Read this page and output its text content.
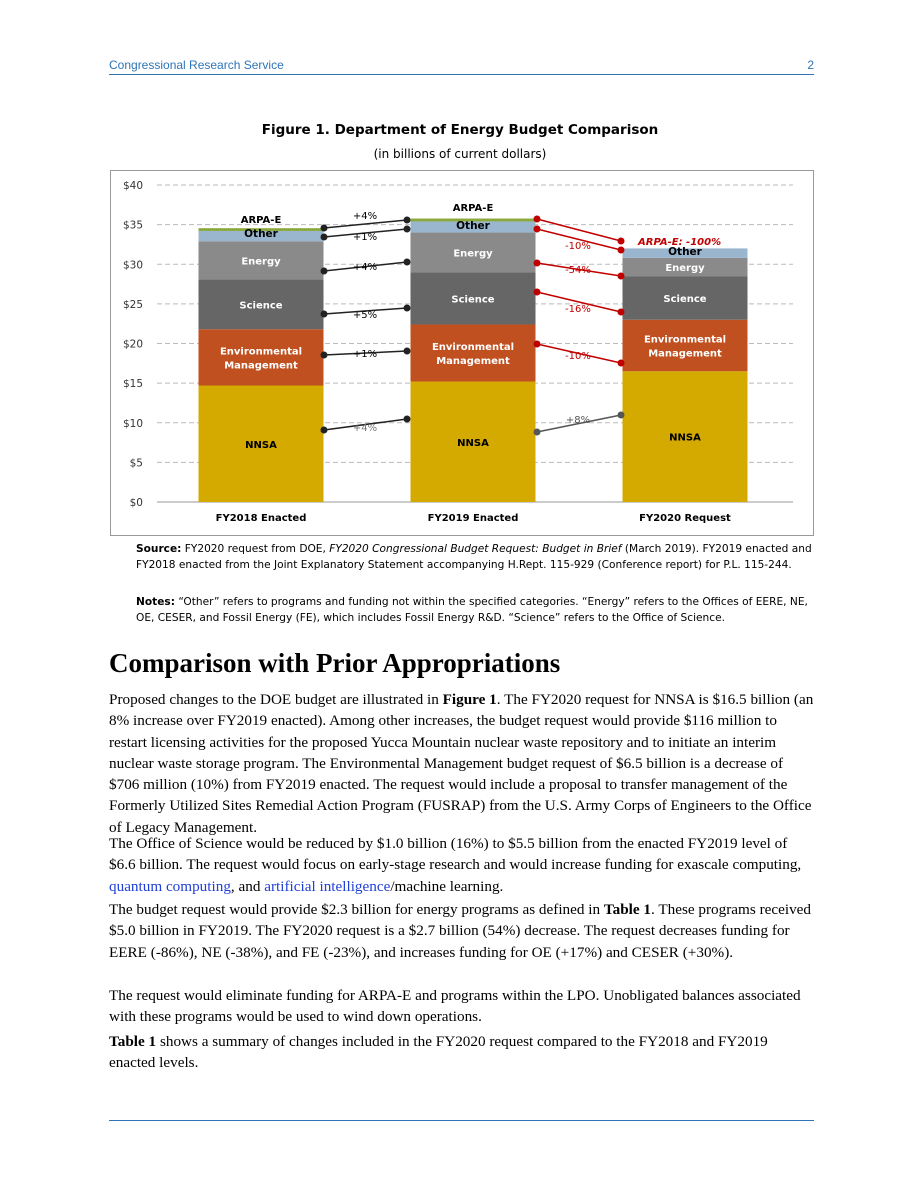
Congressional Research Service	2
Figure 1. Department of Energy Budget Comparison
(in billions of current dollars)
$0
$5
$10
$15
$20
$25
$30
$35
$40
NNSA
Environmental
Management
Science
Energy
FY2018 Enacted
NNSA
Environmental
Management
Science
Energy
FY2019 Enacted
NNSA
Environmental
Management
Science
Energy
FY2020 Request
Other
Other
Other
ARPA-E
ARPA-E
+4%
+1%
+4%
+5%
+1%
+4%
-10%
-54%
-16%
-10%
+8%
ARPA-E: -100%
Source: FY2020 request from DOE, FY2020 Congressional Budget Request: Budget in Brief (March 2019). FY2019 enacted and FY2018 enacted from the Joint Explanatory Statement accompanying H.Rept. 115-929 (Conference report) for P.L. 115-244.
Notes: “Other” refers to programs and funding not within the specified categories. “Energy” refers to the Offices of EERE, NE, OE, CESER, and Fossil Energy (FE), which includes Fossil Energy R&D. “Science” refers to the Office of Science.
Comparison with Prior Appropriations

Proposed changes to the DOE budget are illustrated in Figure 1. The FY2020 request for NNSA is $16.5 billion (an 8% increase over FY2019 enacted). Among other increases, the budget request would provide $116 million to restart licensing activities for the proposed Yucca Mountain nuclear waste repository and to initiate an interim nuclear waste storage program. The Environmental Management budget request of $6.5 billion is a decrease of $706 million (10%) from FY2019 enacted. The request would include a proposal to transfer management of the Formerly Utilized Sites Remedial Action Program (FUSRAP) from the U.S. Army Corps of Engineers to the Office of Legacy Management.

The Office of Science would be reduced by $1.0 billion (16%) to $5.5 billion from the enacted FY2019 level of $6.6 billion. The request would focus on early-stage research and would increase funding for exascale computing, quantum computing, and artificial intelligence/machine learning.

The budget request would provide $2.3 billion for energy programs as defined in Table 1. These programs received $5.0 billion in FY2019. The FY2020 request is a $2.7 billion (54%) decrease. The request decreases funding for EERE (-86%), NE (-38%), and FE (-23%), and increases funding for OE (+17%) and CESER (+30%).

The request would eliminate funding for ARPA-E and programs within the LPO. Unobligated balances associated with these programs would be used to wind down operations.

Table 1 shows a summary of changes included in the FY2020 request compared to the FY2018 and FY2019 enacted levels.
